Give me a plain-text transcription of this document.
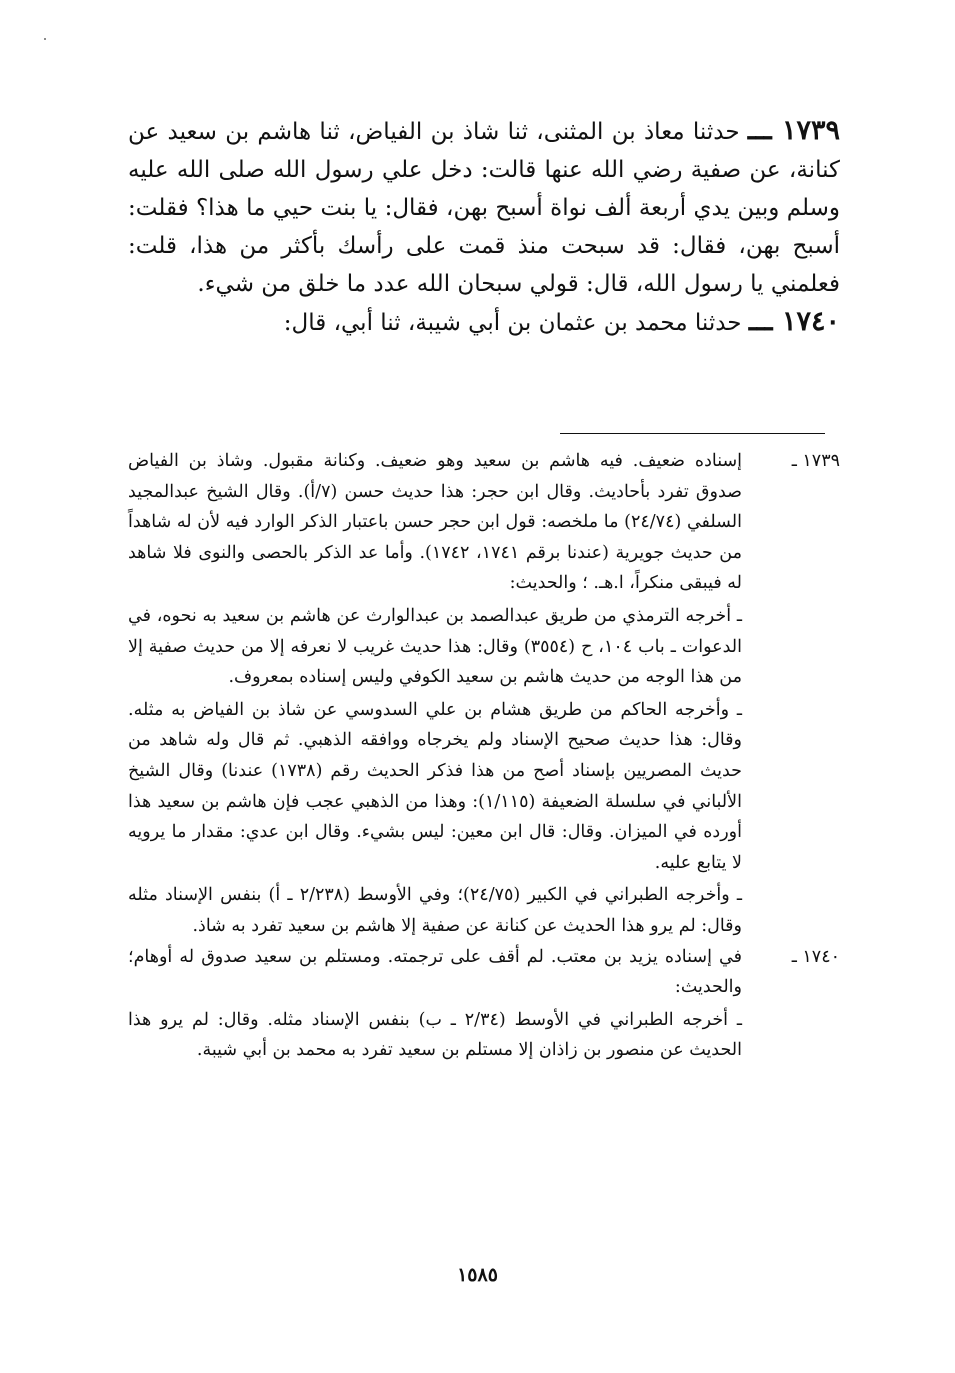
١٧٣٩ ـــ حدثنا معاذ بن المثنى، ثنا شاذ بن الفياض، ثنا هاشم بن سعيد عن كنانة، عن صفية رضي الله عنها قالت: دخل علي رسول الله صلى الله عليه وسلم وبين يدي أربعة ألف نواة أسبح بهن، فقال: يا بنت حيي ما هذا؟ فقلت: أسبح بهن، فقال: قد سبحت منذ قمت على رأسك بأكثر من هذا، قلت: فعلمني يا رسول الله، قال: قولي سبحان الله عدد ما خلق من شيء.

١٧٤٠ ـــ حدثنا محمد بن عثمان بن أبي شيبة، ثنا أبي، قال:

١٧٣٩ ـ

إسناده ضعيف. فيه هاشم بن سعيد وهو ضعيف. وكنانة مقبول. وشاذ بن الفياض صدوق تفرد بأحاديث. وقال ابن حجر: هذا حديث حسن (٧/أ). وقال الشيخ عبدالمجيد السلفي (٢٤/٧٤) ما ملخصه: قول ابن حجر حسن باعتبار الذكر الوارد فيه لأن له شاهداً من حديث جويرية (عندنا برقم ١٧٤١، ١٧٤٢). وأما عد الذكر بالحصى والنوى فلا شاهد له فيبقى منكراً، ا.هـ. ؛ والحديث:

ـ أخرجه الترمذي من طريق عبدالصمد بن عبدالوارث عن هاشم بن سعيد به نحوه، في الدعوات ـ باب ١٠٤، ح (٣٥٥٤) وقال: هذا حديث غريب لا نعرفه إلا من حديث صفية إلا من هذا الوجه من حديث هاشم بن سعيد الكوفي وليس إسناده بمعروف.

ـ وأخرجه الحاكم من طريق هشام بن علي السدوسي عن شاذ بن الفياض به مثله. وقال: هذا حديث صحيح الإسناد ولم يخرجاه ووافقه الذهبي. ثم قال وله شاهد من حديث المصريين بإسناد أصح من هذا فذكر الحديث رقم (١٧٣٨) عندنا) وقال الشيخ الألباني في سلسلة الضعيفة (١/١١٥): وهذا من الذهبي عجب فإن هاشم بن سعيد هذا أورده في الميزان. وقال: قال ابن معين: ليس بشيء. وقال ابن عدي: مقدار ما يرويه لا يتابع عليه.

ـ وأخرجه الطبراني في الكبير (٢٤/٧٥)؛ وفي الأوسط (٢/٢٣٨ ـ أ) بنفس الإسناد مثله وقال: لم يرو هذا الحديث عن كنانة عن صفية إلا هاشم بن سعيد تفرد به شاذ.

١٧٤٠ ـ

في إسناده يزيد بن معتب. لم أقف على ترجمته. ومستلم بن سعيد صدوق له أوهام؛ والحديث:

ـ أخرجه الطبراني في الأوسط (٢/٣٤ ـ ب) بنفس الإسناد مثله. وقال: لم يرو هذا الحديث عن منصور بن زاذان إلا مستلم بن سعيد تفرد به محمد بن أبي شيبة.

١٥٨٥
